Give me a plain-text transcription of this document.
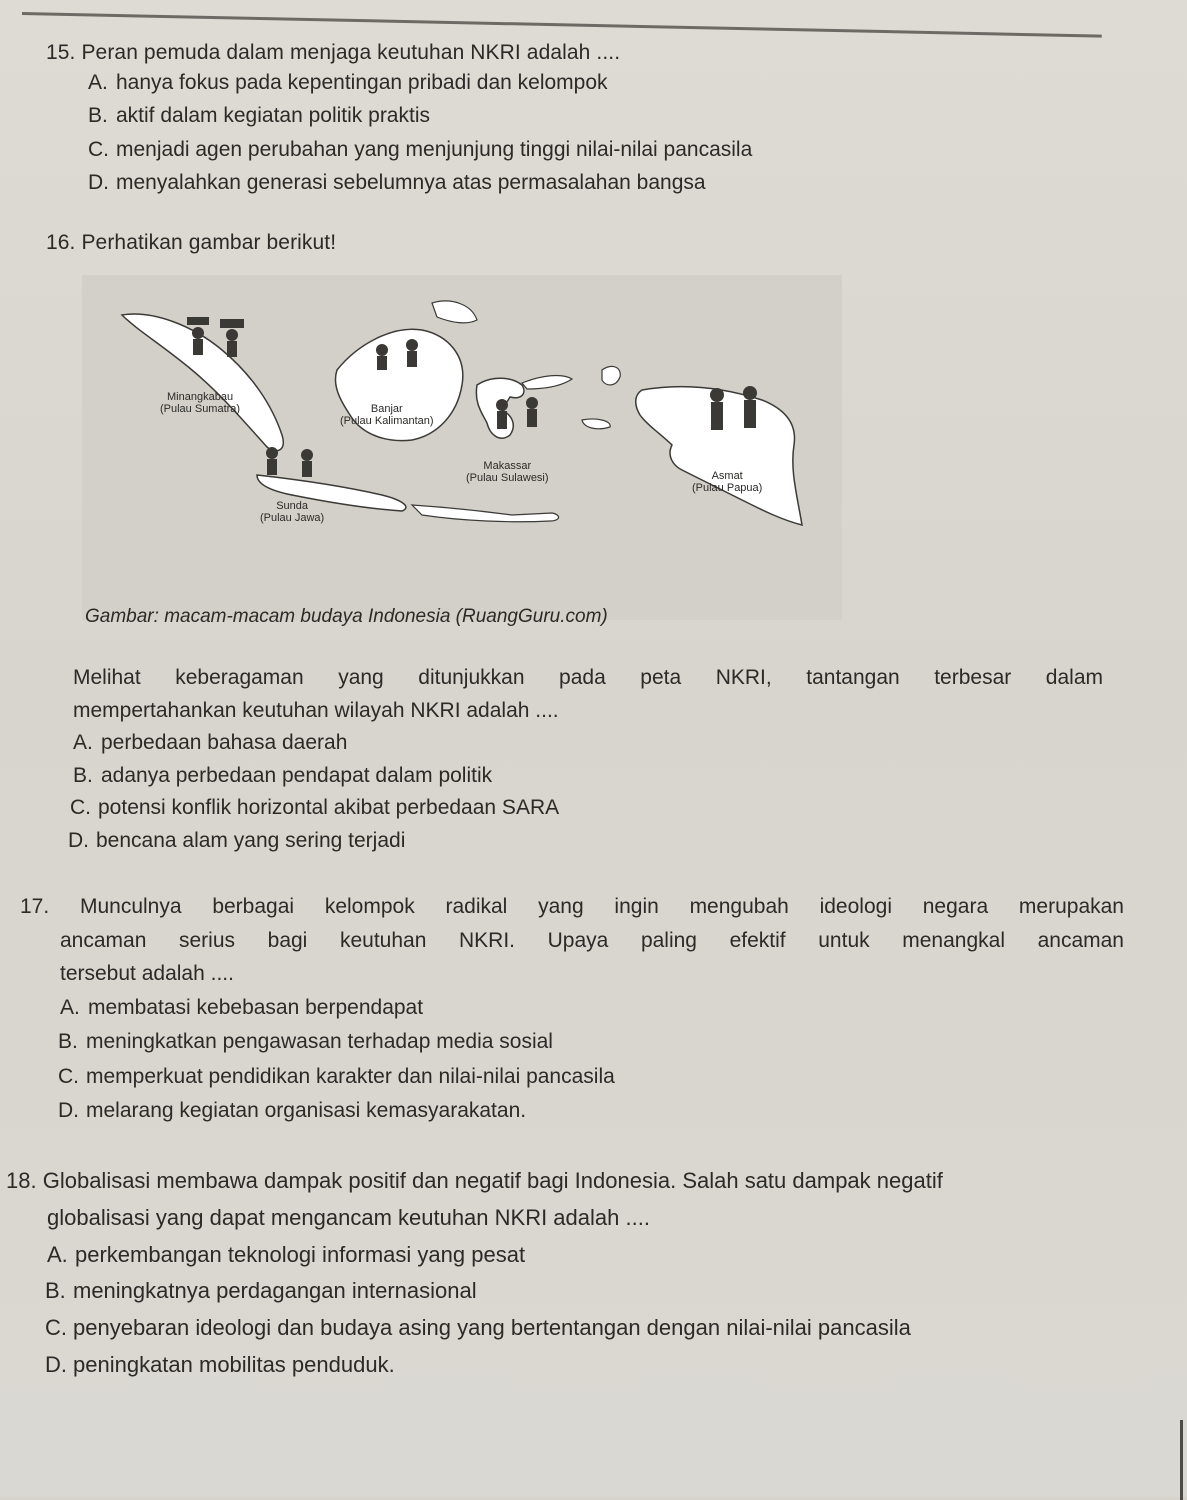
15. Peran pemuda dalam menjaga keutuhan NKRI adalah ....
A. hanya fokus pada kepentingan pribadi dan kelompok
B. aktif dalam kegiatan politik praktis
C. menjadi agen perubahan yang menjunjung tinggi nilai-nilai pancasila
D. menyalahkan generasi sebelumnya atas permasalahan bangsa
16. Perhatikan gambar berikut!
Minangkabau
(Pulau Sumatra)	Banjar
(Pulau Kalimantan)
Makassar
(Pulau Sulawesi)	Asmat
(Pulau Papua)
Sunda
(Pulau Jawa)
Gambar: macam-macam budaya Indonesia (RuangGuru.com)
Melihat keberagaman yang ditunjukkan pada peta NKRI, tantangan terbesar dalam
mempertahankan keutuhan wilayah NKRI adalah ....
A. perbedaan bahasa daerah
B. adanya perbedaan pendapat dalam politik
C. potensi konflik horizontal akibat perbedaan SARA
D. bencana alam yang sering terjadi
17. Munculnya berbagai kelompok radikal yang ingin mengubah ideologi negara merupakan
ancaman serius bagi keutuhan NKRI. Upaya paling efektif untuk menangkal ancaman
tersebut adalah ....
A. membatasi kebebasan berpendapat
B. meningkatkan pengawasan terhadap media sosial
C. memperkuat pendidikan karakter dan nilai-nilai pancasila
D. melarang kegiatan organisasi kemasyarakatan.
18. Globalisasi membawa dampak positif dan negatif bagi Indonesia. Salah satu dampak negatif
globalisasi yang dapat mengancam keutuhan NKRI adalah ....
A. perkembangan teknologi informasi yang pesat
B. meningkatnya perdagangan internasional
C. penyebaran ideologi dan budaya asing yang bertentangan dengan nilai-nilai pancasila
D. peningkatan mobilitas penduduk.
